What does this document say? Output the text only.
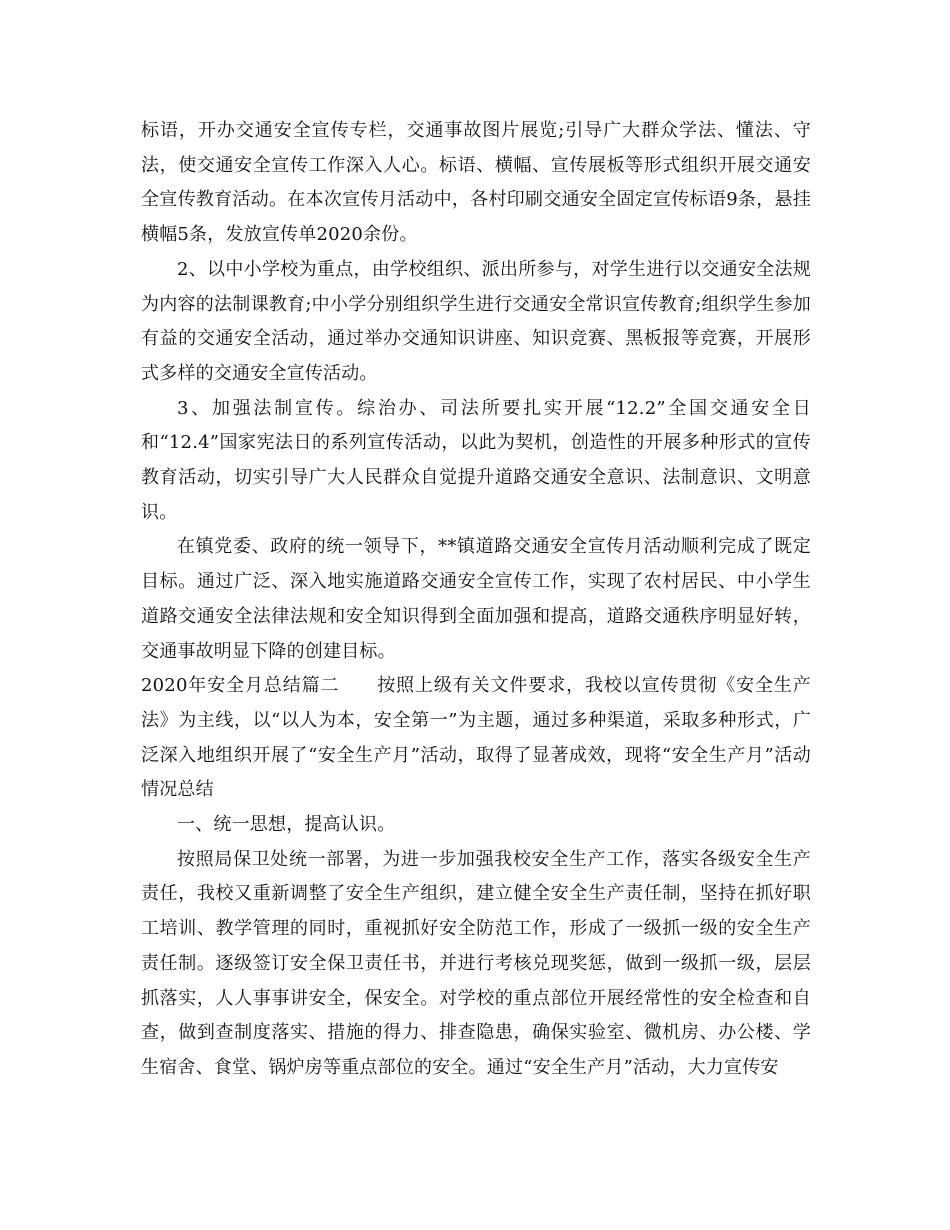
标语，开办交通安全宣传专栏，交通事故图片展览;引导广大群众学法、懂法、守法，使交通安全宣传工作深入人心。标语、横幅、宣传展板等形式组织开展交通安全宣传教育活动。在本次宣传月活动中，各村印刷交通安全固定宣传标语9条，悬挂横幅5条，发放宣传单2020余份。

2、以中小学校为重点，由学校组织、派出所参与，对学生进行以交通安全法规为内容的法制课教育;中小学分别组织学生进行交通安全常识宣传教育;组织学生参加有益的交通安全活动，通过举办交通知识讲座、知识竞赛、黑板报等竞赛，开展形式多样的交通安全宣传活动。

3、加强法制宣传。综治办、司法所要扎实开展“12.2”全国交通安全日和“12.4”国家宪法日的系列宣传活动，以此为契机，创造性的开展多种形式的宣传教育活动，切实引导广大人民群众自觉提升道路交通安全意识、法制意识、文明意识。

在镇党委、政府的统一领导下，**镇道路交通安全宣传月活动顺利完成了既定目标。通过广泛、深入地实施道路交通安全宣传工作，实现了农村居民、中小学生道路交通安全法律法规和安全知识得到全面加强和提高，道路交通秩序明显好转，交通事故明显下降的创建目标。

2020年安全月总结篇二　　按照上级有关文件要求，我校以宣传贯彻《安全生产法》为主线，以“以人为本，安全第一”为主题，通过多种渠道，采取多种形式，广泛深入地组织开展了“安全生产月”活动，取得了显著成效，现将“安全生产月”活动情况总结

一、统一思想，提高认识。

按照局保卫处统一部署，为进一步加强我校安全生产工作，落实各级安全生产责任，我校又重新调整了安全生产组织，建立健全安全生产责任制，坚持在抓好职工培训、教学管理的同时，重视抓好安全防范工作，形成了一级抓一级的安全生产责任制。逐级签订安全保卫责任书，并进行考核兑现奖惩，做到一级抓一级，层层抓落实，人人事事讲安全，保安全。对学校的重点部位开展经常性的安全检查和自查，做到查制度落实、措施的得力、排查隐患，确保实验室、微机房、办公楼、学生宿舍、食堂、锅炉房等重点部位的安全。通过“安全生产月”活动，大力宣传安
